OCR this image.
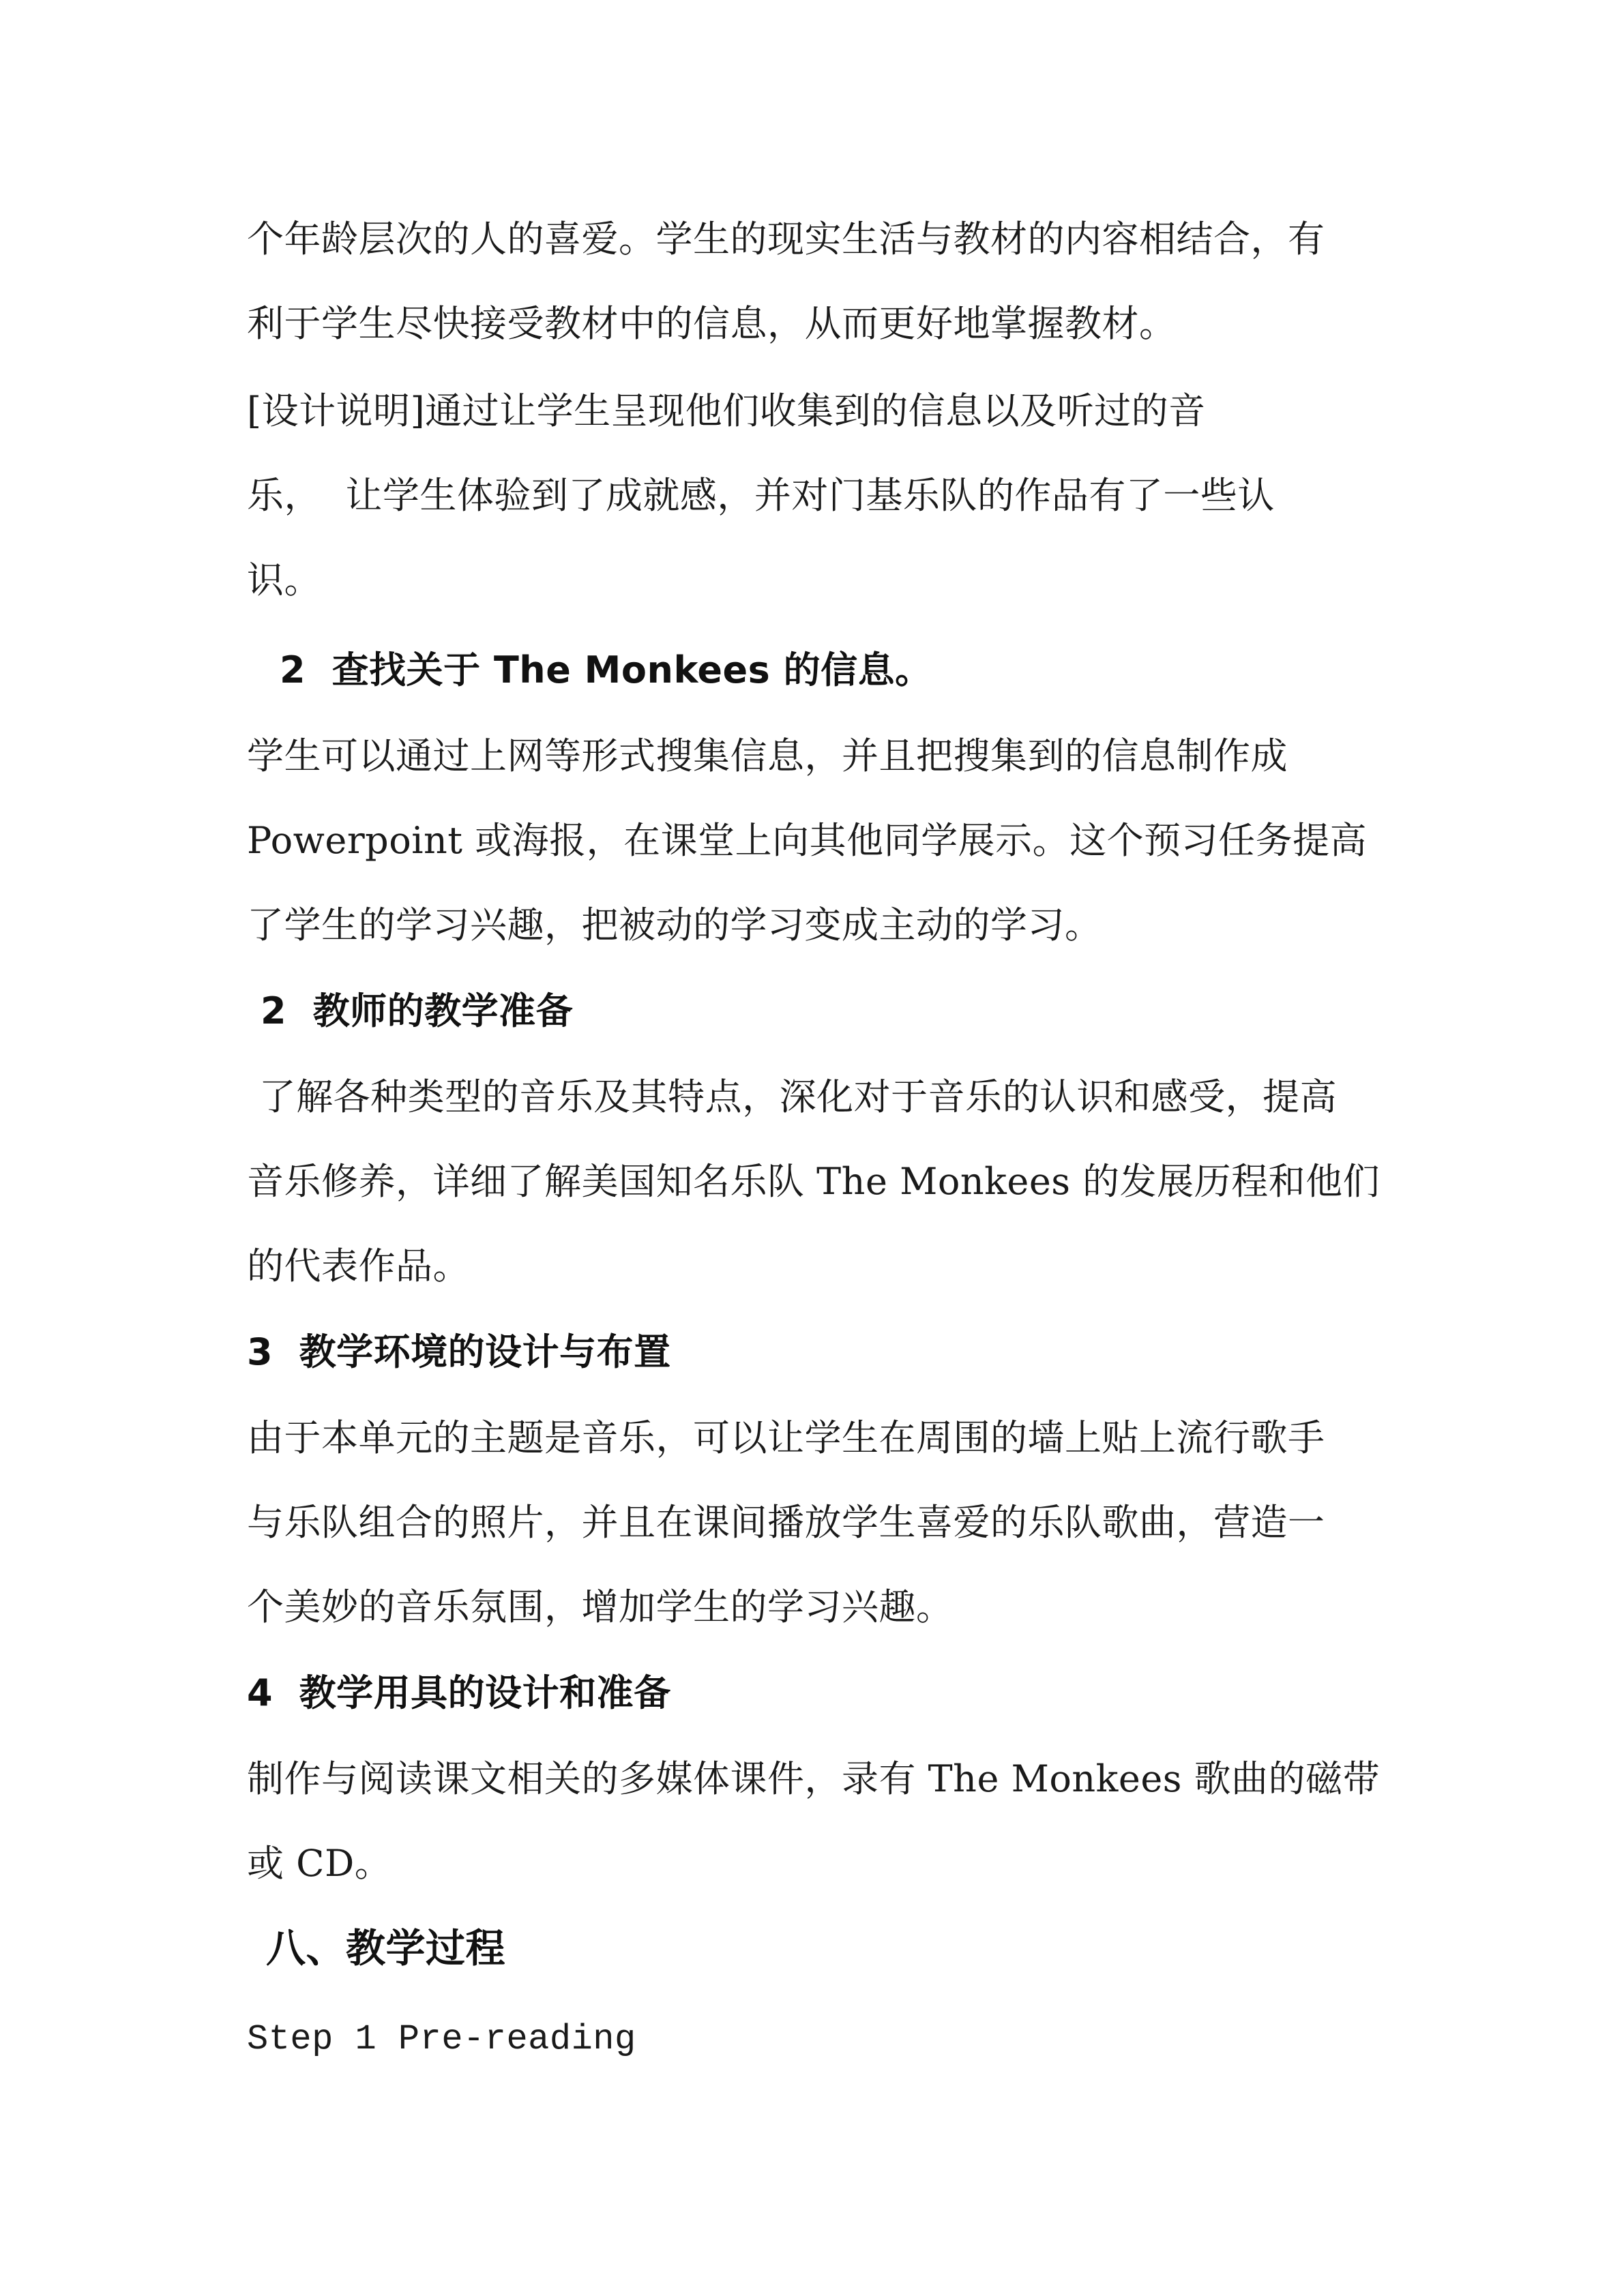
个年龄层次的人的喜爱。学生的现实生活与教材的内容相结合，有

利于学生尽快接受教材中的信息，从而更好地掌握教材。

[设计说明]通过让学生呈现他们收集到的信息以及听过的音

乐，  让学生体验到了成就感，并对门基乐队的作品有了一些认

识。

2  查找关于 The Monkees 的信息。

学生可以通过上网等形式搜集信息，并且把搜集到的信息制作成

Powerpoint 或海报，在课堂上向其他同学展示。这个预习任务提高

了学生的学习兴趣，把被动的学习变成主动的学习。

2  教师的教学准备

了解各种类型的音乐及其特点，深化对于音乐的认识和感受，提高

音乐修养，详细了解美国知名乐队 The Monkees 的发展历程和他们

的代表作品。

3  教学环境的设计与布置

由于本单元的主题是音乐，可以让学生在周围的墙上贴上流行歌手

与乐队组合的照片，并且在课间播放学生喜爱的乐队歌曲，营造一

个美妙的音乐氛围，增加学生的学习兴趣。

4  教学用具的设计和准备

制作与阅读课文相关的多媒体课件，录有 The Monkees 歌曲的磁带

或 CD。

八、教学过程

Step 1 Pre-reading
